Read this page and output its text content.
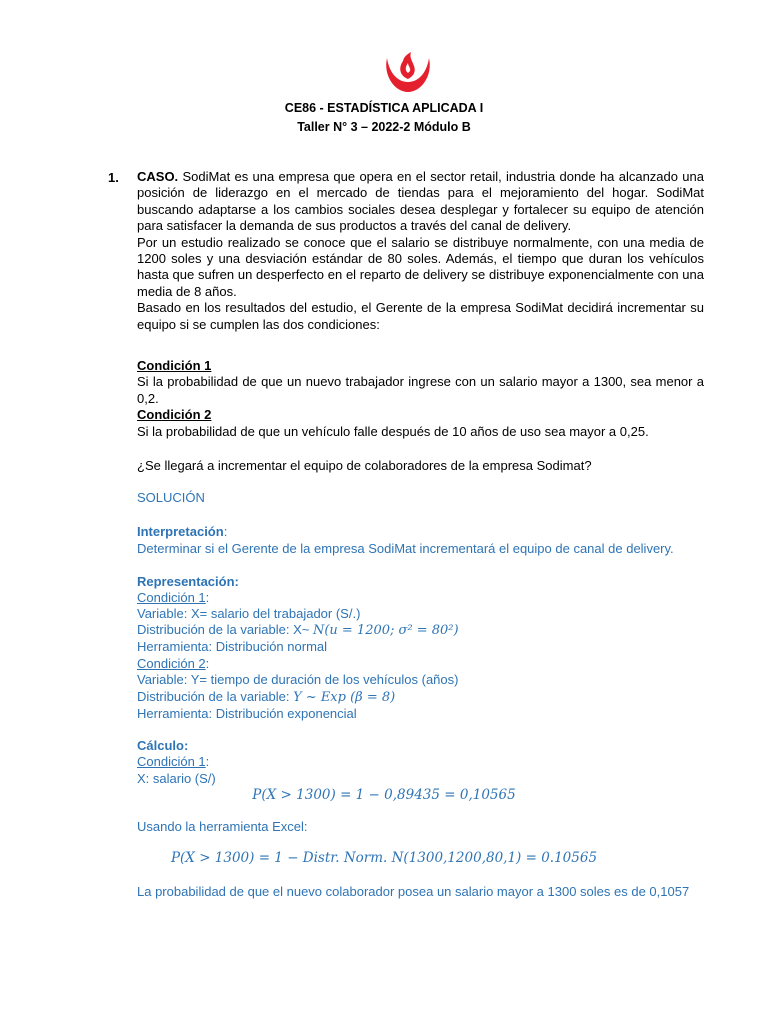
CE86 - ESTADÍSTICA APLICADA I
Taller N° 3 – 2022-2 Módulo B
1. CASO. SodiMat es una empresa que opera en el sector retail, industria donde ha alcanzado una posición de liderazgo en el mercado de tiendas para el mejoramiento del hogar. SodiMat buscando adaptarse a los cambios sociales desea desplegar y fortalecer su equipo de atención para satisfacer la demanda de sus productos a través del canal de delivery.
Por un estudio realizado se conoce que el salario se distribuye normalmente, con una media de 1200 soles y una desviación estándar de 80 soles. Además, el tiempo que duran los vehículos hasta que sufren un desperfecto en el reparto de delivery se distribuye exponencialmente con una media de 8 años.
Basado en los resultados del estudio, el Gerente de la empresa SodiMat decidirá incrementar su equipo si se cumplen las dos condiciones:
Condición 1
Si la probabilidad de que un nuevo trabajador ingrese con un salario mayor a 1300, sea menor a 0,2.
Condición 2
Si la probabilidad de que un vehículo falle después de 10 años de uso sea mayor a 0,25.
¿Se llegará a incrementar el equipo de colaboradores de la empresa Sodimat?
SOLUCIÓN
Interpretación:
Determinar si el Gerente de la empresa SodiMat incrementará el equipo de canal de delivery.
Representación:
Condición 1:
Variable: X= salario del trabajador (S/.)
Distribución de la variable: X~ N(u = 1200; σ² = 80²)
Herramienta: Distribución normal
Condición 2:
Variable: Y= tiempo de duración de los vehículos (años)
Distribución de la variable: Y ~ Exp (β = 8)
Herramienta: Distribución exponencial
Cálculo:
Condición 1:
X: salario (S/)
P(X > 1300) = 1 − 0,89435 = 0,10565
Usando la herramienta Excel:
P(X > 1300) = 1 − Distr. Norm. N(1300,1200,80,1) = 0.10565
La probabilidad de que el nuevo colaborador posea un salario mayor a 1300 soles es de 0,1057
